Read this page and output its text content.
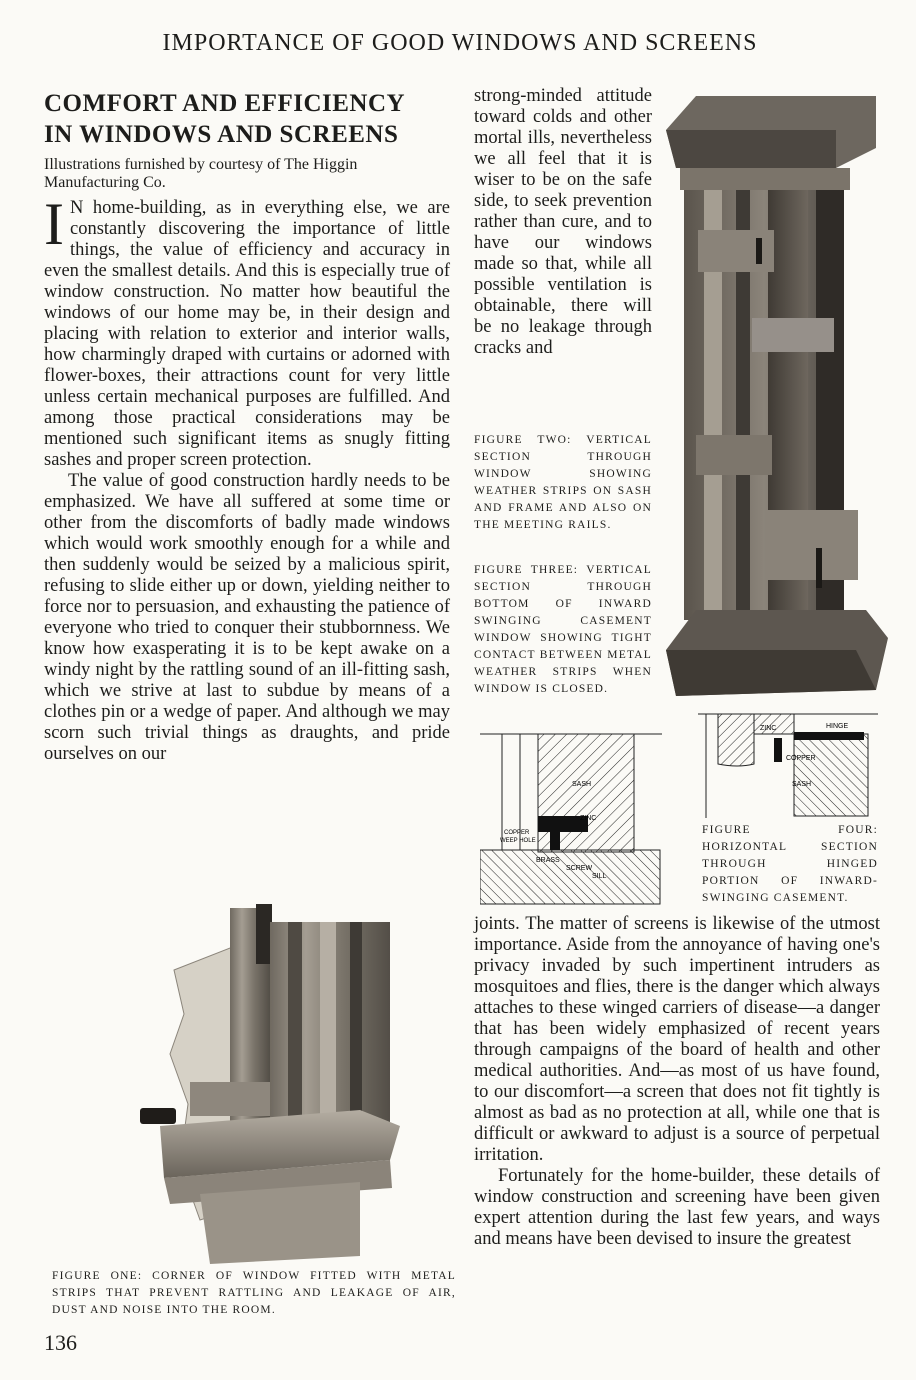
IMPORTANCE OF GOOD WINDOWS AND SCREENS
COMFORT AND EFFICIENCY
IN WINDOWS AND SCREENS
Illustrations furnished by courtesy of The Higgin Manufacturing Co.

I N home-building, as in everything else, we are constantly discovering the importance of little things, the value of efficiency and accuracy in even the smallest details. And this is especially true of window construction. No matter how beautiful the windows of our home may be, in their design and placing with relation to exterior and interior walls, how charmingly draped with curtains or adorned with flower-boxes, their attractions count for very little unless certain mechanical purposes are fulfilled. And among those practical considerations may be mentioned such significant items as snugly fitting sashes and proper screen protection.

The value of good construction hardly needs to be emphasized. We have all suffered at some time or other from the discomforts of badly made windows which would work smoothly enough for a while and then suddenly would be seized by a malicious spirit, refusing to slide either up or down, yielding neither to force nor to persuasion, and exhausting the patience of everyone who tried to conquer their stubbornness. We know how exasperating it is to be kept awake on a windy night by the rattling sound of an ill-fitting sash, which we strive at last to subdue by means of a clothes pin or a wedge of paper. And although we may scorn such trivial things as draughts, and pride ourselves on our

strong-minded attitude toward colds and other mortal ills, nevertheless we all feel that it is wiser to be on the safe side, to seek prevention rather than cure, and to have our windows made so that, while all possible ventilation is obtainable, there will be no leakage through cracks and
FIGURE TWO: VERTICAL SECTION THROUGH WINDOW SHOWING WEATHER STRIPS ON SASH AND FRAME AND ALSO ON THE MEETING RAILS.
FIGURE THREE: VERTICAL SECTION THROUGH BOTTOM OF INWARD SWINGING CASEMENT WINDOW SHOWING TIGHT CONTACT BETWEEN METAL WEATHER STRIPS WHEN WINDOW IS CLOSED.
SASH
ZINC
COPPER
WEEP HOLE
BRASS
SCREW
SILL
ZINC	HINGE
COPPER
SASH
FIGURE FOUR: HORIZONTAL SECTION THROUGH HINGED PORTION OF INWARD-SWINGING CASEMENT.

joints. The matter of screens is likewise of the utmost importance. Aside from the annoyance of having one's privacy invaded by such impertinent intruders as mosquitoes and flies, there is the danger which always attaches to these winged carriers of disease—a danger that has been widely emphasized of recent years through campaigns of the board of health and other medical authorities. And—as most of us have found, to our discomfort—a screen that does not fit tightly is almost as bad as no protection at all, while one that is difficult or awkward to adjust is a source of perpetual irritation.

Fortunately for the home-builder, these details of window construction and screening have been given expert attention during the last few years, and ways and means have been devised to insure the greatest

FIGURE ONE: CORNER OF WINDOW FITTED WITH METAL STRIPS THAT PREVENT RATTLING AND LEAKAGE OF AIR, DUST AND NOISE INTO THE ROOM.
136
